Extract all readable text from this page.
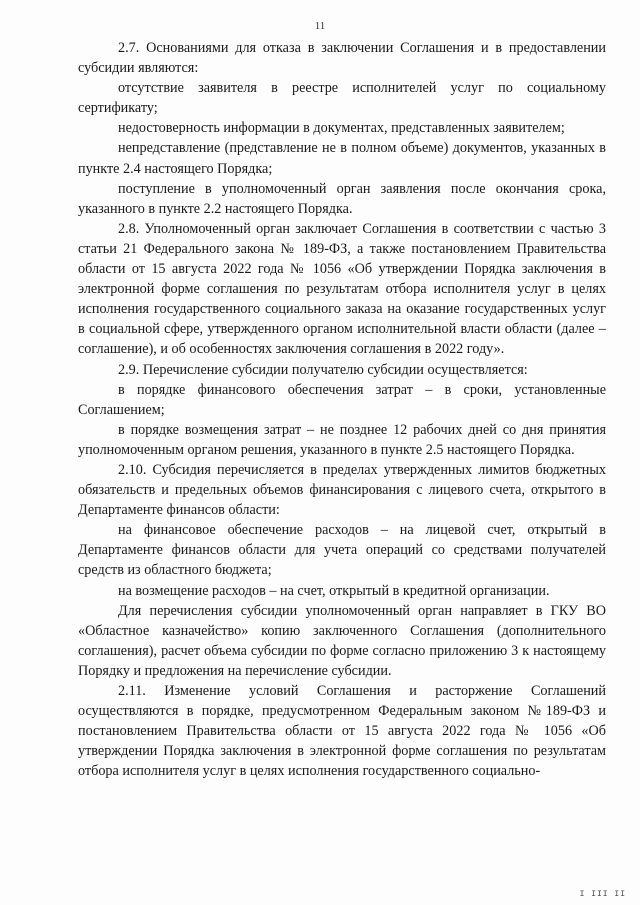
11

2.7. Основаниями для отказа в заключении Соглашения и в предоставлении субсидии являются:

отсутствие заявителя в реестре исполнителей услуг по социальному сертификату;

недостоверность информации в документах, представленных заявителем;

непредставление (представление не в полном объеме) документов, указанных в пункте 2.4 настоящего Порядка;

поступление в уполномоченный орган заявления после окончания срока, указанного в пункте 2.2 настоящего Порядка.

2.8. Уполномоченный орган заключает Соглашения в соответствии с частью 3 статьи 21 Федерального закона № 189-ФЗ, а также постановлением Правительства области от 15 августа 2022 года № 1056 «Об утверждении Порядка заключения в электронной форме соглашения по результатам отбора исполнителя услуг в целях исполнения государственного социального заказа на оказание государственных услуг в социальной сфере, утвержденного органом исполнительной власти области (далее – соглашение), и об особенностях заключения соглашения в 2022 году».

2.9. Перечисление субсидии получателю субсидии осуществляется:

в порядке финансового обеспечения затрат – в сроки, установленные Соглашением;

в порядке возмещения затрат – не позднее 12 рабочих дней со дня принятия уполномоченным органом решения, указанного в пункте 2.5 настоящего Порядка.

2.10. Субсидия перечисляется в пределах утвержденных лимитов бюджетных обязательств и предельных объемов финансирования с лицевого счета, открытого в Департаменте финансов области:

на финансовое обеспечение расходов – на лицевой счет, открытый в Департаменте финансов области для учета операций со средствами получателей средств из областного бюджета;

на возмещение расходов – на счет, открытый в кредитной организации.

Для перечисления субсидии уполномоченный орган направляет в ГКУ ВО «Областное казначейство» копию заключенного Соглашения (дополнительного соглашения), расчет объема субсидии по форме согласно приложению 3 к настоящему Порядку и предложения на перечисление субсидии.

2.11. Изменение условий Соглашения и расторжение Соглашений осуществляются в порядке, предусмотренном Федеральным законом №189-ФЗ и постановлением Правительства области от 15 августа 2022 года № 1056 «Об утверждении Порядка заключения в электронной форме соглашения по результатам отбора исполнителя услуг в целях исполнения государственного социально-

I III II
